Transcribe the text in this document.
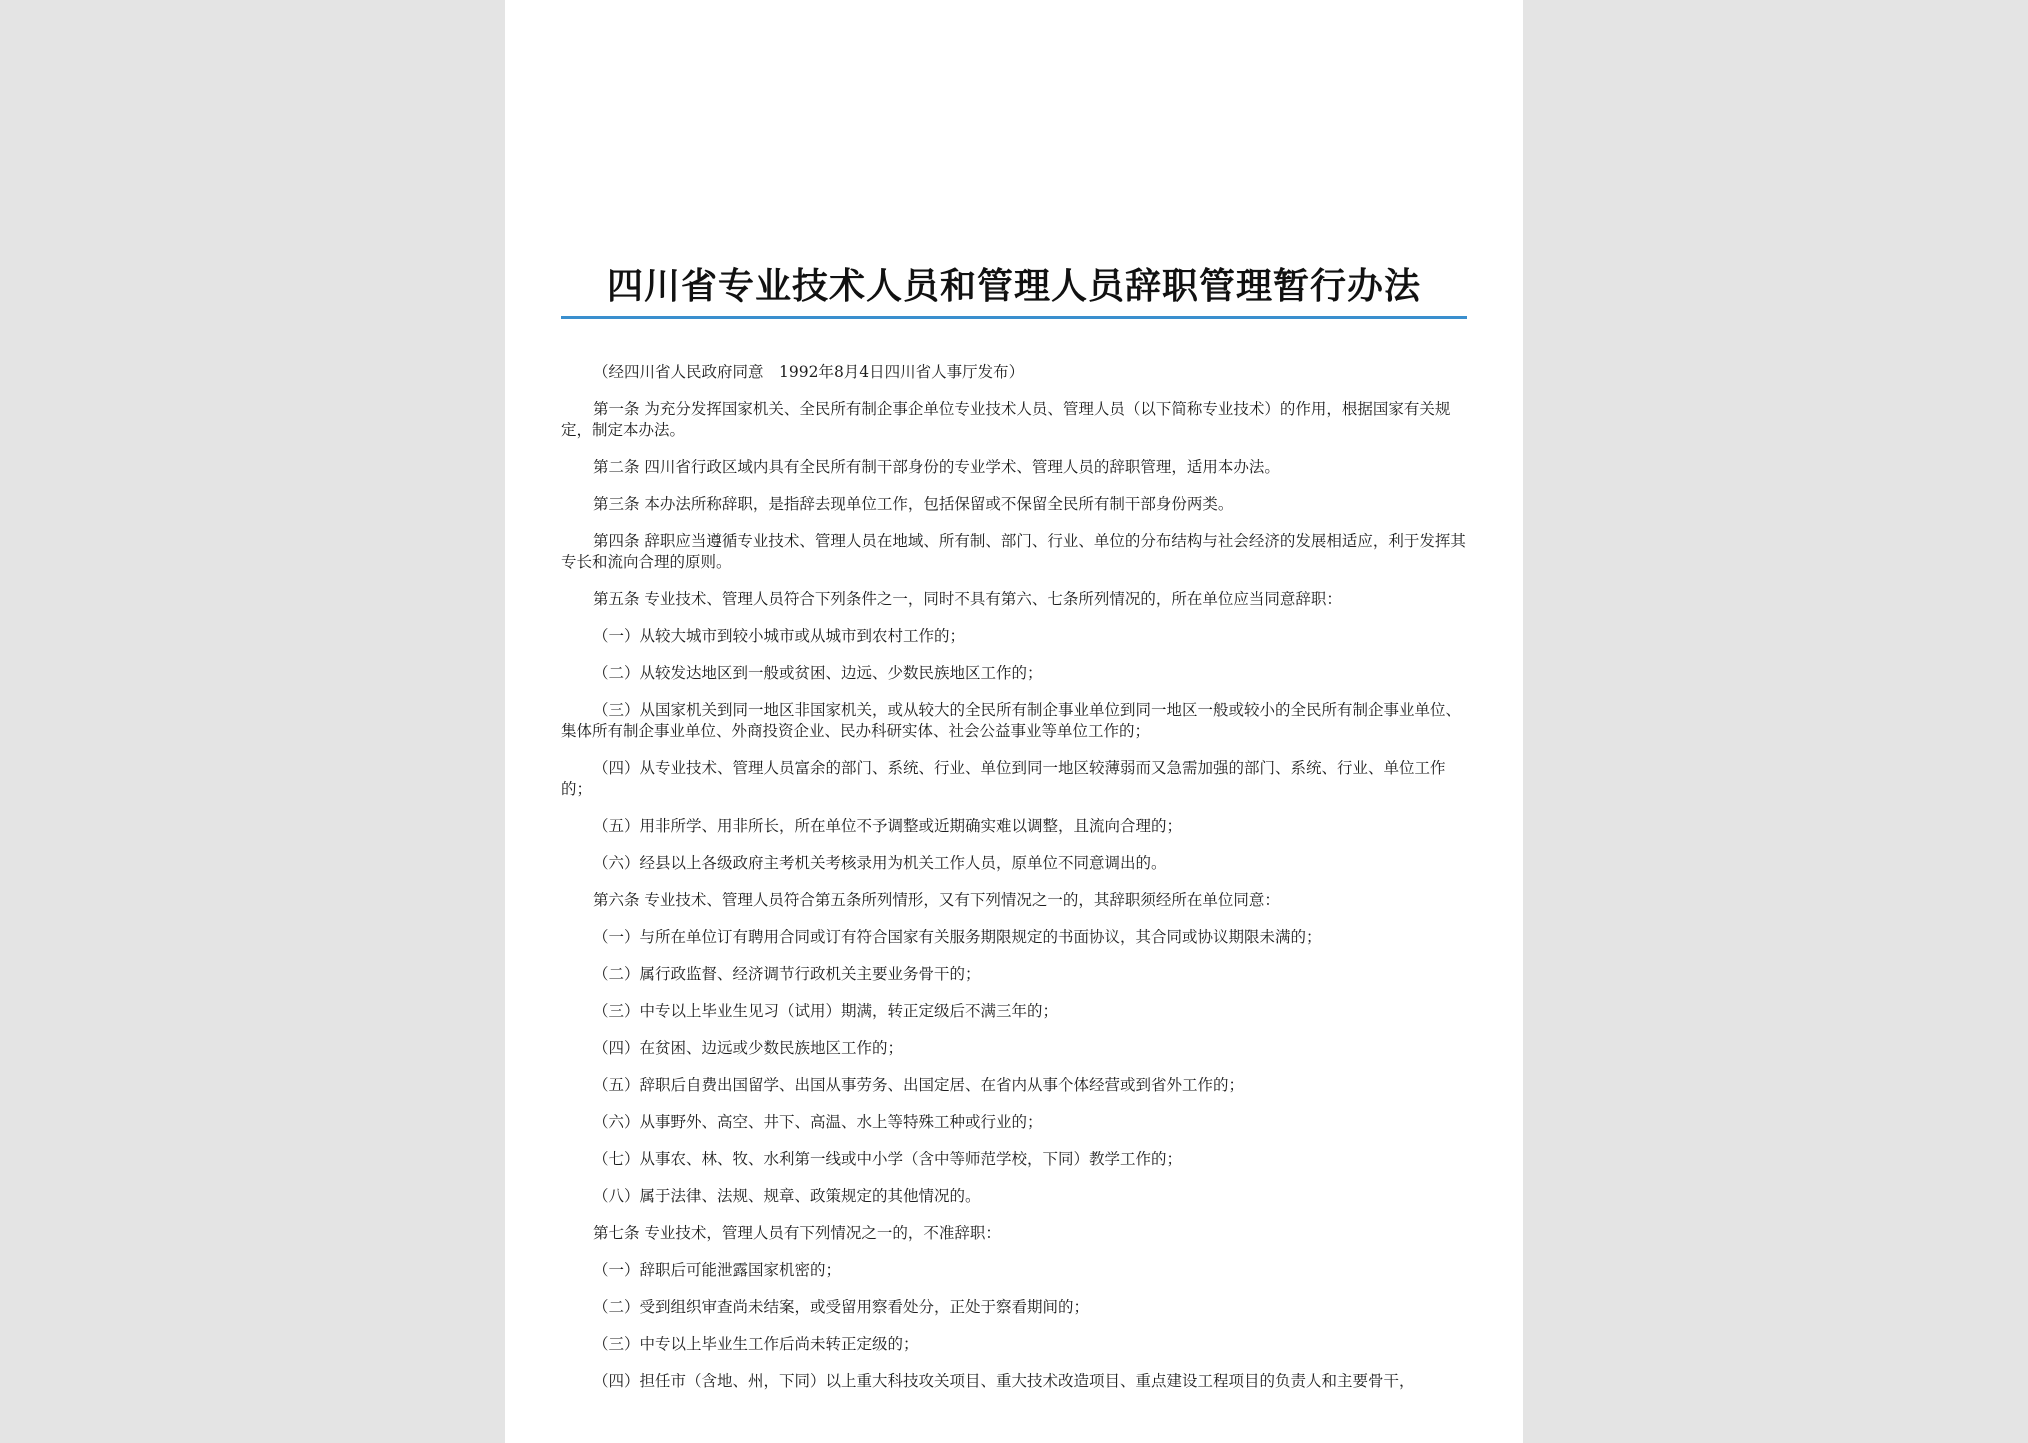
四川省专业技术人员和管理人员辞职管理暂行办法

（经四川省人民政府同意　1992年8月4日四川省人事厅发布）

第一条 为充分发挥国家机关、全民所有制企事企单位专业技术人员、管理人员（以下简称专业技术）的作用，根据国家有关规定，制定本办法。

第二条 四川省行政区域内具有全民所有制干部身份的专业学术、管理人员的辞职管理，适用本办法。

第三条 本办法所称辞职，是指辞去现单位工作，包括保留或不保留全民所有制干部身份两类。

第四条 辞职应当遵循专业技术、管理人员在地域、所有制、部门、行业、单位的分布结构与社会经济的发展相适应，利于发挥其专长和流向合理的原则。

第五条 专业技术、管理人员符合下列条件之一，同时不具有第六、七条所列情况的，所在单位应当同意辞职：

（一）从较大城市到较小城市或从城市到农村工作的；

（二）从较发达地区到一般或贫困、边远、少数民族地区工作的；

（三）从国家机关到同一地区非国家机关，或从较大的全民所有制企事业单位到同一地区一般或较小的全民所有制企事业单位、集体所有制企事业单位、外商投资企业、民办科研实体、社会公益事业等单位工作的；

（四）从专业技术、管理人员富余的部门、系统、行业、单位到同一地区较薄弱而又急需加强的部门、系统、行业、单位工作的；

（五）用非所学、用非所长，所在单位不予调整或近期确实难以调整，且流向合理的；

（六）经县以上各级政府主考机关考核录用为机关工作人员，原单位不同意调出的。

第六条 专业技术、管理人员符合第五条所列情形，又有下列情况之一的，其辞职须经所在单位同意：

（一）与所在单位订有聘用合同或订有符合国家有关服务期限规定的书面协议，其合同或协议期限未满的；

（二）属行政监督、经济调节行政机关主要业务骨干的；

（三）中专以上毕业生见习（试用）期满，转正定级后不满三年的；

（四）在贫困、边远或少数民族地区工作的；

（五）辞职后自费出国留学、出国从事劳务、出国定居、在省内从事个体经营或到省外工作的；

（六）从事野外、高空、井下、高温、水上等特殊工种或行业的；

（七）从事农、林、牧、水利第一线或中小学（含中等师范学校，下同）教学工作的；

（八）属于法律、法规、规章、政策规定的其他情况的。

第七条 专业技术，管理人员有下列情况之一的，不准辞职：

（一）辞职后可能泄露国家机密的；

（二）受到组织审查尚未结案，或受留用察看处分，正处于察看期间的；

（三）中专以上毕业生工作后尚未转正定级的；

（四）担任市（含地、州，下同）以上重大科技攻关项目、重大技术改造项目、重点建设工程项目的负责人和主要骨干，
